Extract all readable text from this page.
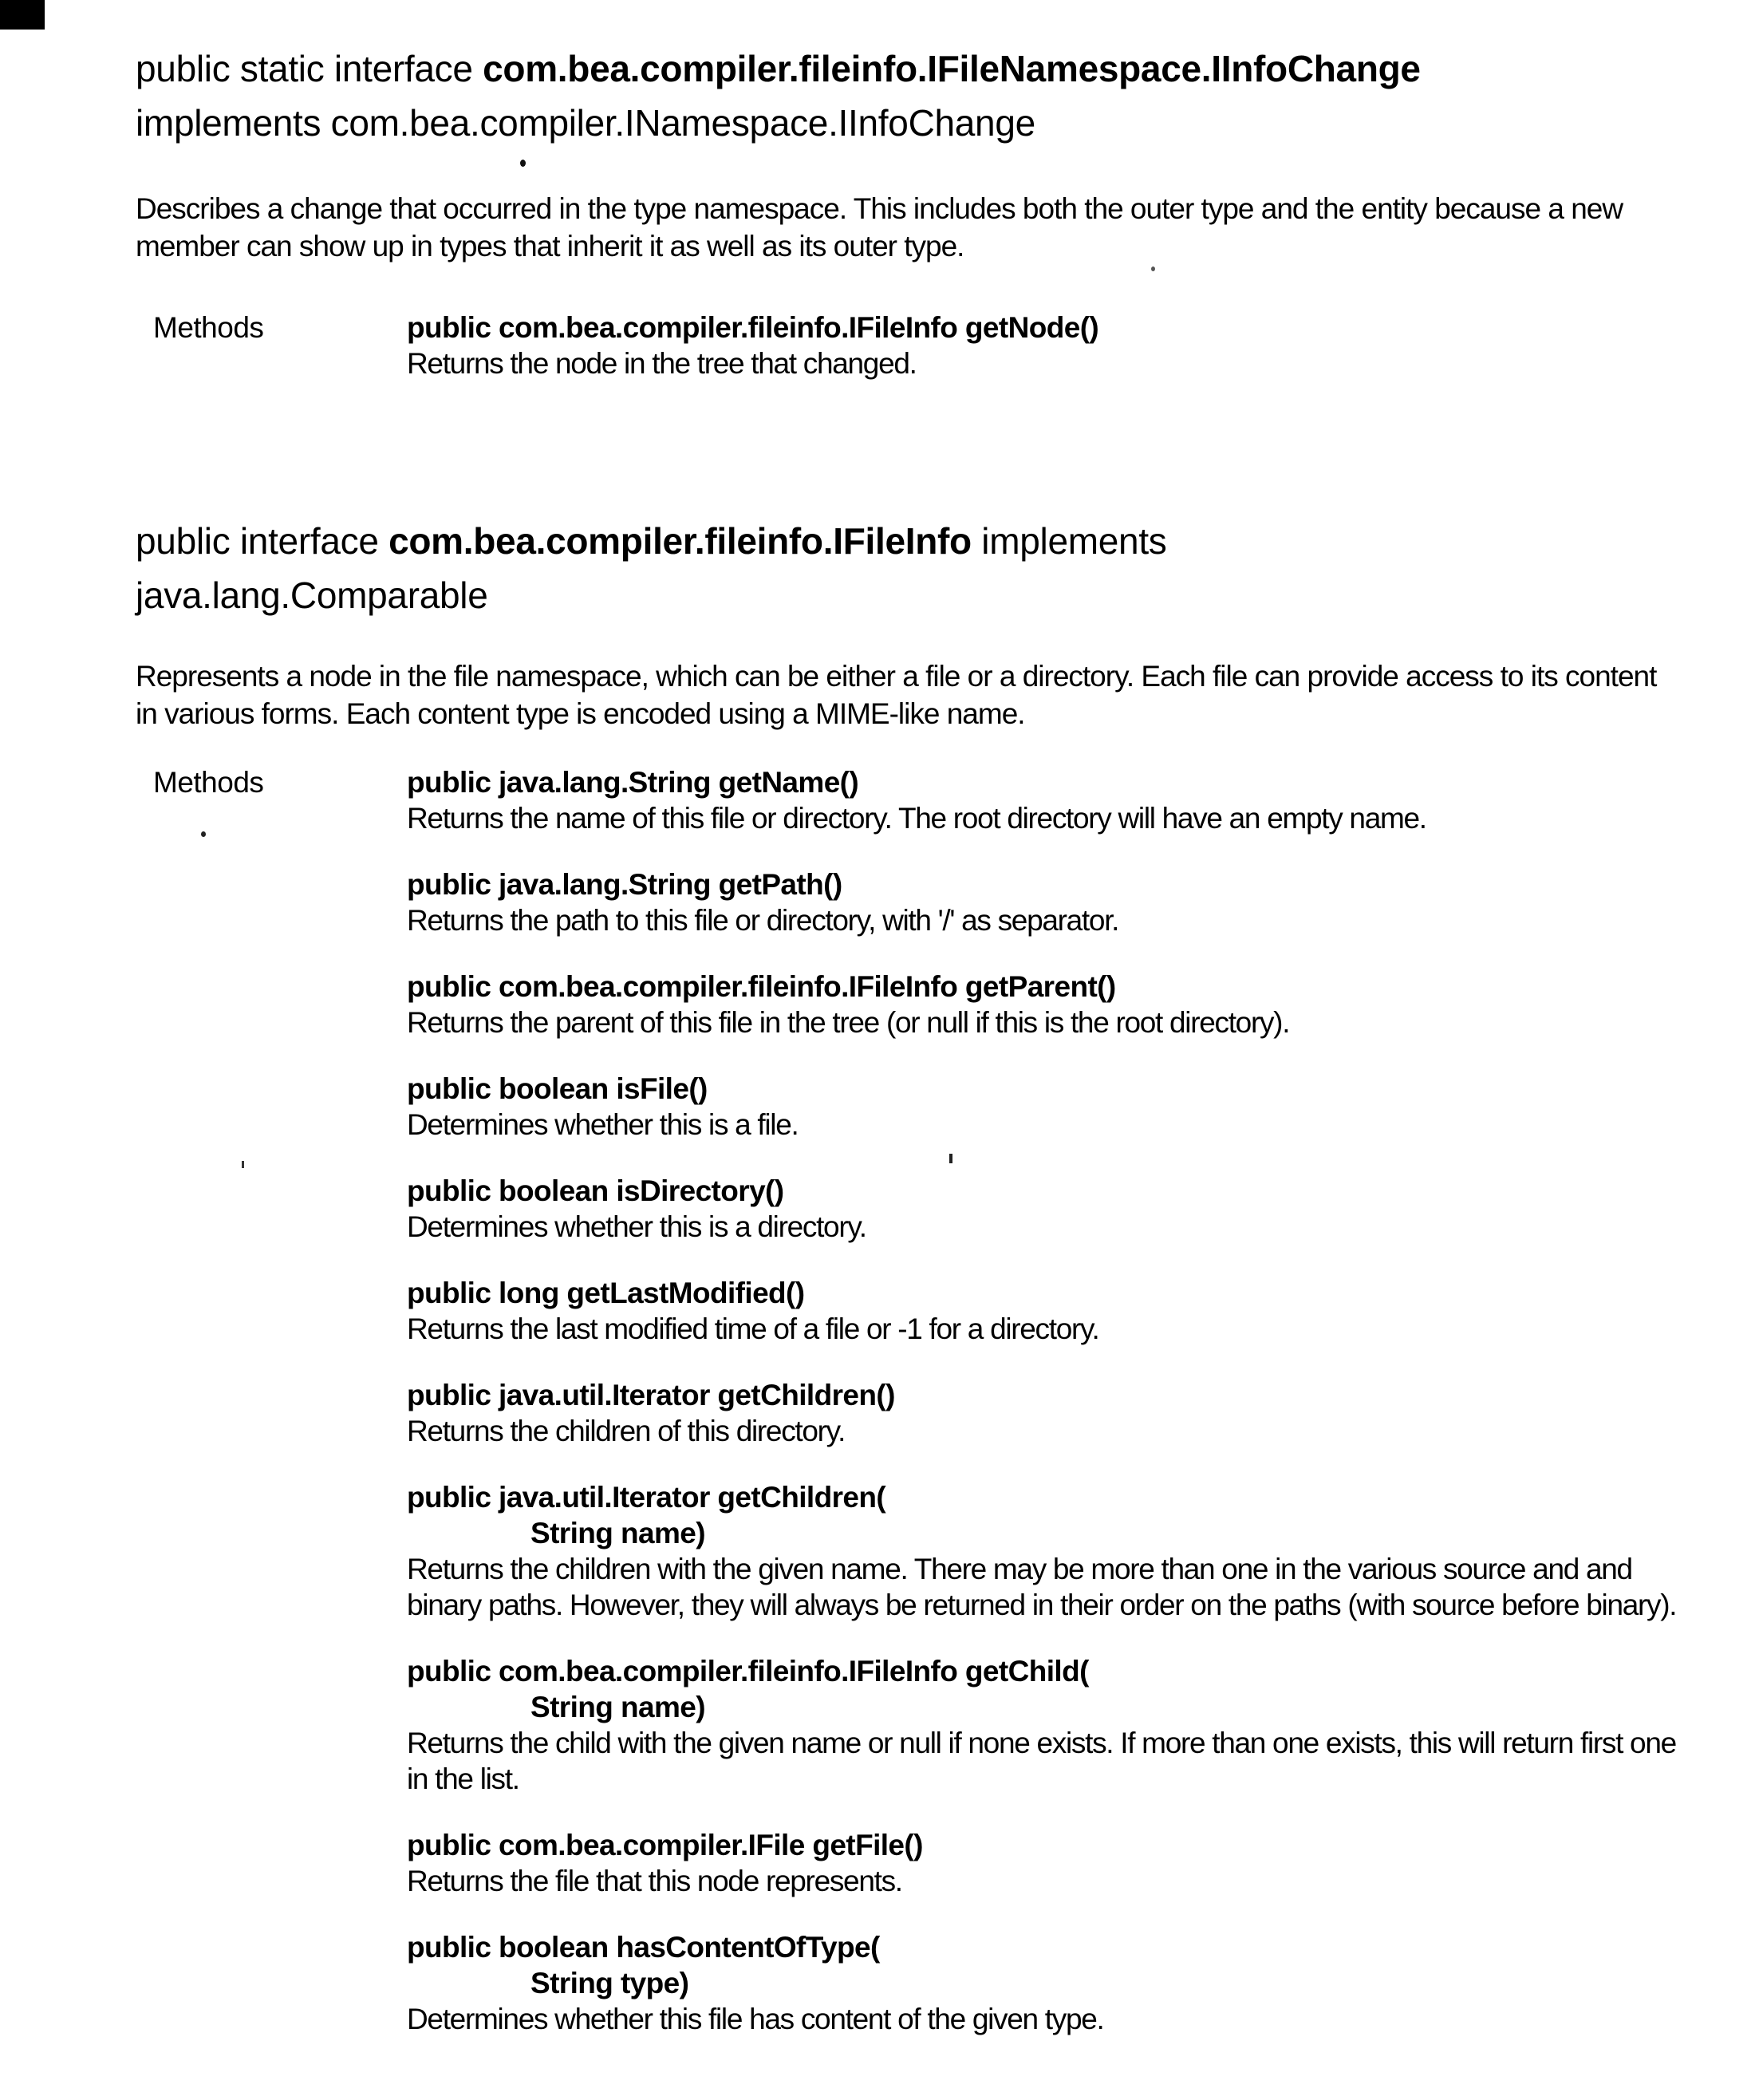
public static interface com.bea.compiler.fileinfo.IFileNamespace.IInfoChange
implements com.bea.compiler.INamespace.IInfoChange

Describes a change that occurred in the type namespace. This includes both the outer type and the entity because a new member can show up in types that inherit it as well as its outer type.

Methods	public com.bea.compiler.fileinfo.IFileInfo getNode()
Returns the node in the tree that changed.
public interface com.bea.compiler.fileinfo.IFileInfo implements
java.lang.Comparable

Represents a node in the file namespace, which can be either a file or a directory. Each file can provide access to its content in various forms. Each content type is encoded using a MIME-like name.

Methods	public java.lang.String getName()
Returns the name of this file or directory. The root directory will have an empty name.
public java.lang.String getPath()
Returns the path to this file or directory, with '/' as separator.
public com.bea.compiler.fileinfo.IFileInfo getParent()
Returns the parent of this file in the tree (or null if this is the root directory).
public boolean isFile()
Determines whether this is a file.
public boolean isDirectory()
Determines whether this is a directory.
public long getLastModified()
Returns the last modified time of a file or -1 for a directory.
public java.util.Iterator getChildren()
Returns the children of this directory.
public java.util.Iterator getChildren(
String name)
Returns the children with the given name. There may be more than one in the various source and and binary paths. However, they will always be returned in their order on the paths (with source before binary).
public com.bea.compiler.fileinfo.IFileInfo getChild(
String name)
Returns the child with the given name or null if none exists. If more than one exists, this will return first one in the list.
public com.bea.compiler.IFile getFile()
Returns the file that this node represents.
public boolean hasContentOfType(
String type)
Determines whether this file has content of the given type.
